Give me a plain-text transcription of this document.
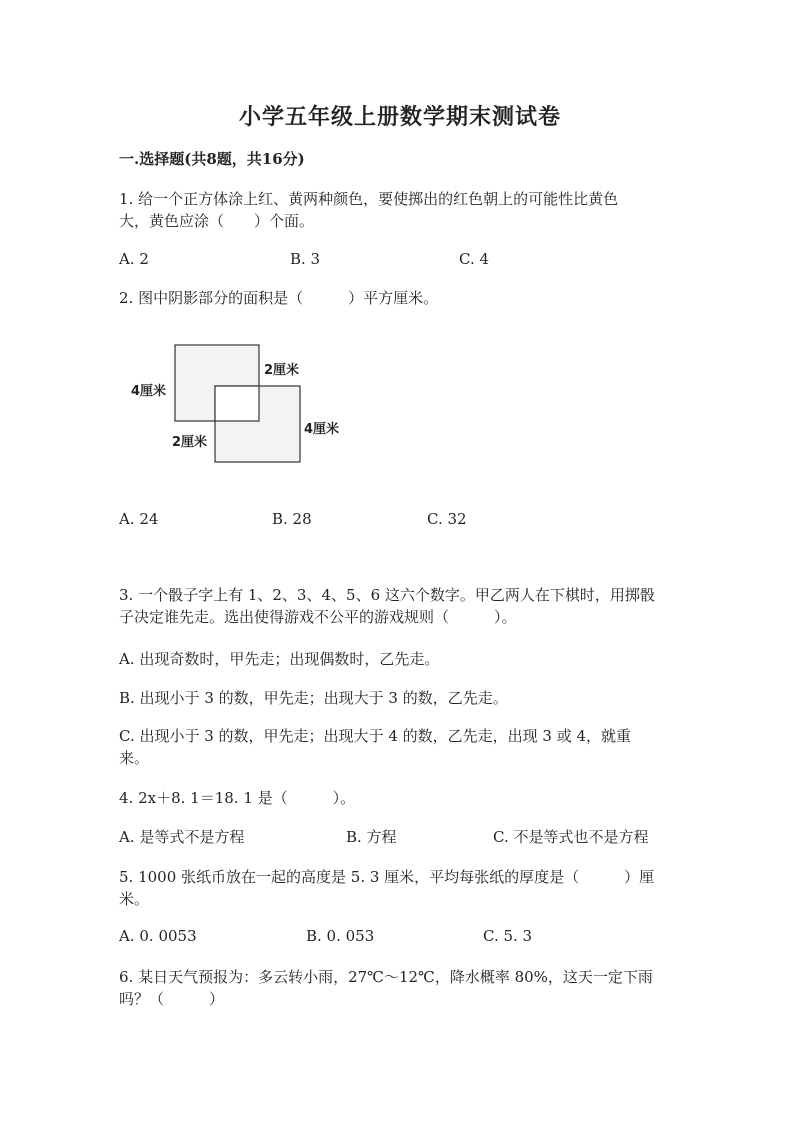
小学五年级上册数学期末测试卷
一.选择题(共8题，共16分)
1. 给一个正方体涂上红、黄两种颜色，要使掷出的红色朝上的可能性比黄色
大，黄色应涂（　　）个面。
A. 2	B. 3	C. 4
2. 图中阴影部分的面积是（　　　）平方厘米。
4厘米
2厘米
2厘米
4厘米
A. 24	B. 28	C. 32
3. 一个骰子字上有 1、2、3、4、5、6 这六个数字。甲乙两人在下棋时，用掷骰
子决定谁先走。选出使得游戏不公平的游戏规则（　　　）。
A. 出现奇数时，甲先走；出现偶数时，乙先走。
B. 出现小于 3 的数，甲先走；出现大于 3 的数，乙先走。
C. 出现小于 3 的数，甲先走；出现大于 4 的数，乙先走，出现 3 或 4，就重
来。
4. 2x＋8. 1＝18. 1 是（　　　）。
A. 是等式不是方程	B. 方程	C. 不是等式也不是方程
5. 1000 张纸币放在一起的高度是 5. 3 厘米，平均每张纸的厚度是（　　　）厘
米。
A. 0. 0053	B. 0. 053	C. 5. 3
6. 某日天气预报为：多云转小雨，27℃～12℃，降水概率 80%，这天一定下雨
吗？（　　　）
